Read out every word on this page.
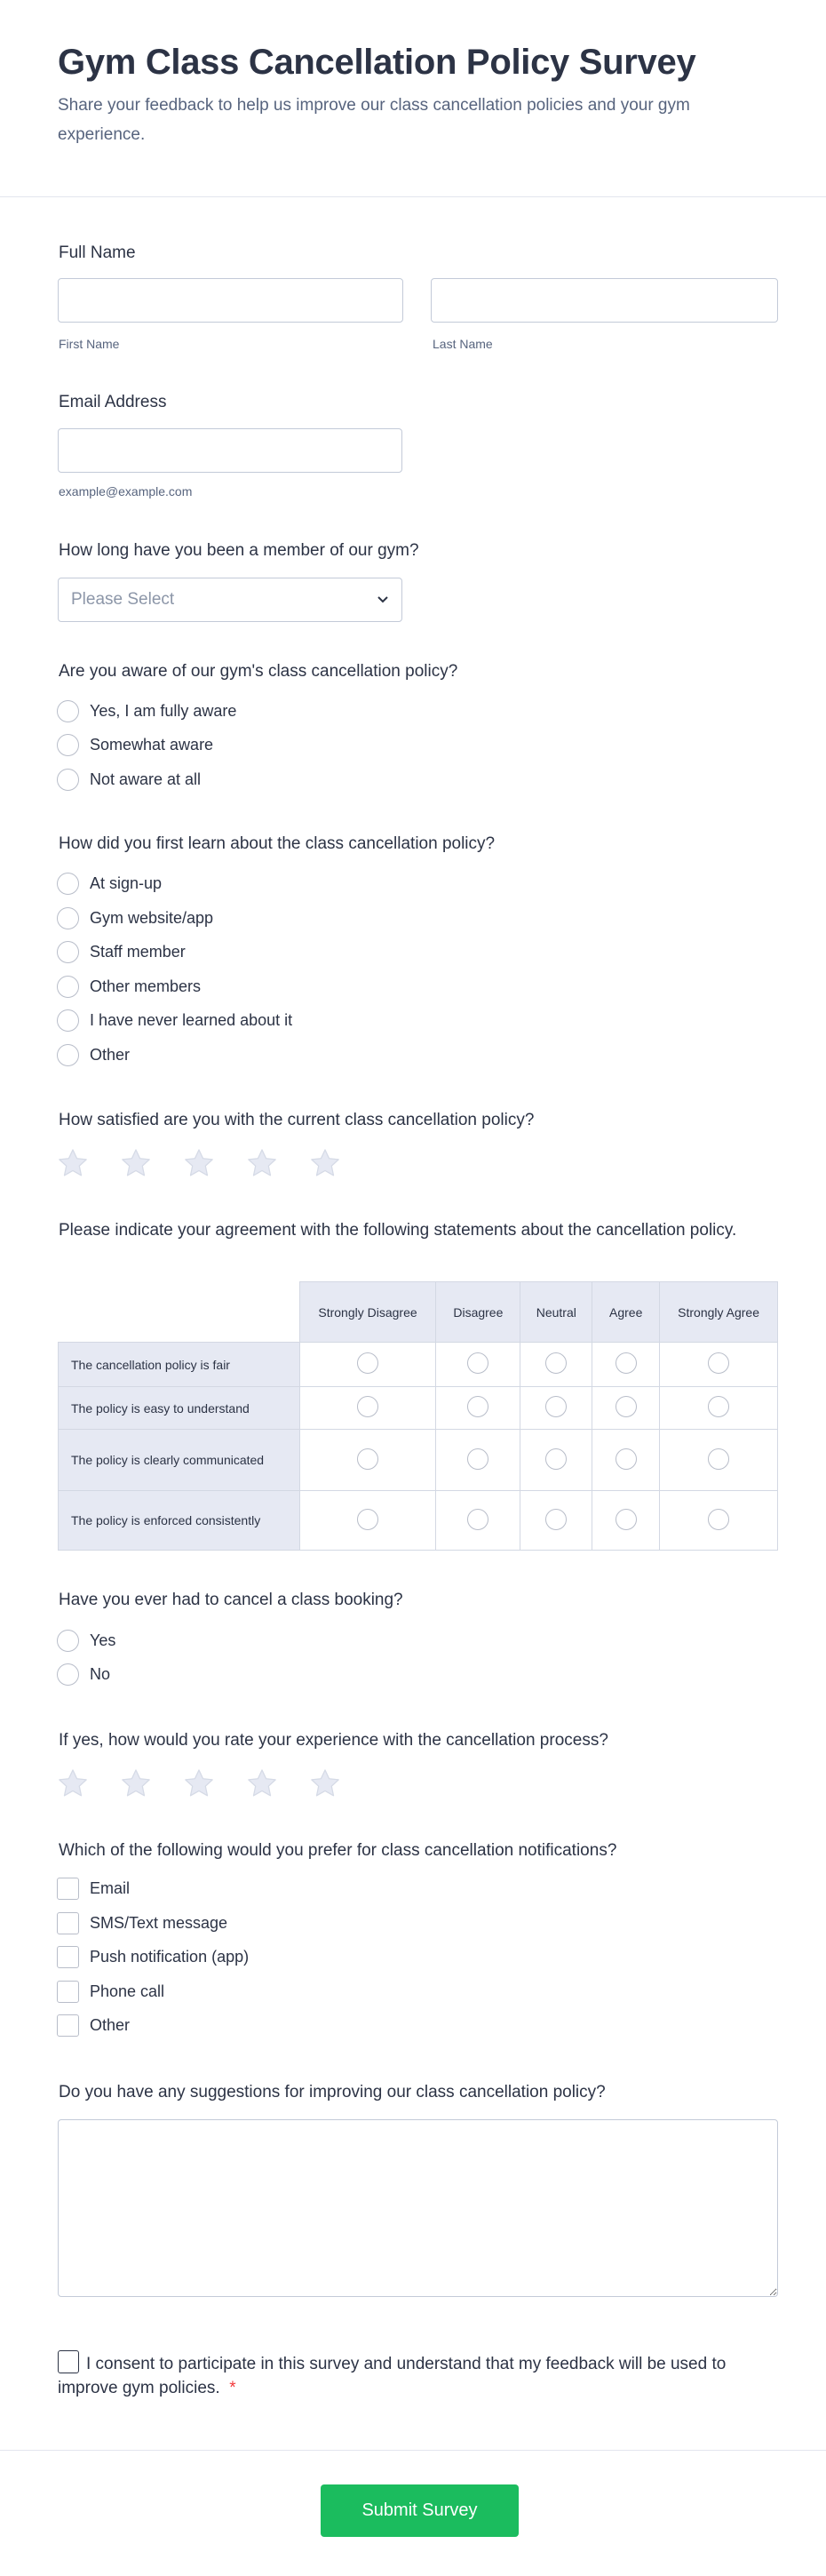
Gym Class Cancellation Policy Survey

Share your feedback to help us improve our class cancellation policies and your gym experience.

Full Name
First Name	Last Name
Email Address
example@example.com
How long have you been a member of our gym?
Please Select
Are you aware of our gym's class cancellation policy?
Yes, I am fully aware
Somewhat aware
Not aware at all
How did you first learn about the class cancellation policy?
At sign-up
Gym website/app
Staff member
Other members
I have never learned about it
Other
How satisfied are you with the current class cancellation policy?
Please indicate your agreement with the following statements about the cancellation policy.
	Strongly Disagree	Disagree	Neutral	Agree	Strongly Agree
The cancellation policy is fair					
The policy is easy to understand					
The policy is clearly communicated					
The policy is enforced consistently					
Have you ever had to cancel a class booking?
Yes
No
If yes, how would you rate your experience with the cancellation process?
Which of the following would you prefer for class cancellation notifications?
Email
SMS/Text message
Push notification (app)
Phone call
Other
Do you have any suggestions for improving our class cancellation policy?
I consent to participate in this survey and understand that my feedback will be used to improve gym policies. *
Submit Survey
